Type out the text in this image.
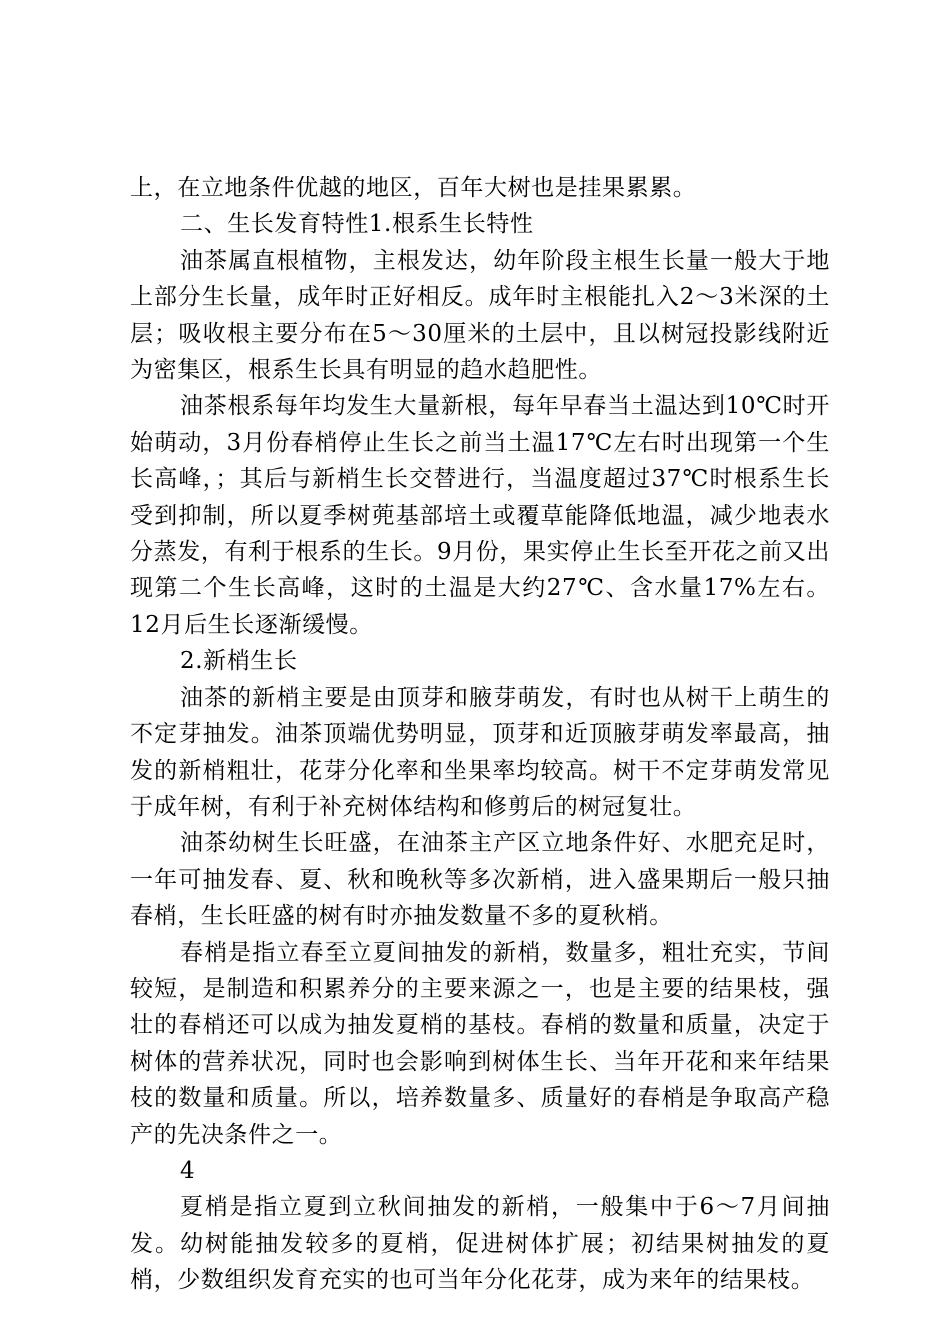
上，在立地条件优越的地区，百年大树也是挂果累累。

二、生长发育特性1.根系生长特性

油茶属直根植物，主根发达，幼年阶段主根生长量一般大于地上部分生长量，成年时正好相反。成年时主根能扎入2～3米深的土层；吸收根主要分布在5～30厘米的土层中，且以树冠投影线附近为密集区，根系生长具有明显的趋水趋肥性。

油茶根系每年均发生大量新根，每年早春当土温达到10℃时开始萌动，3月份春梢停止生长之前当土温17℃左右时出现第一个生长高峰，；其后与新梢生长交替进行，当温度超过37℃时根系生长受到抑制，所以夏季树蔸基部培土或覆草能降低地温，减少地表水分蒸发，有利于根系的生长。9月份，果实停止生长至开花之前又出现第二个生长高峰，这时的土温是大约27℃、含水量17%左右。12月后生长逐渐缓慢。

2.新梢生长

油茶的新梢主要是由顶芽和腋芽萌发，有时也从树干上萌生的不定芽抽发。油茶顶端优势明显，顶芽和近顶腋芽萌发率最高，抽发的新梢粗壮，花芽分化率和坐果率均较高。树干不定芽萌发常见于成年树，有利于补充树体结构和修剪后的树冠复壮。

油茶幼树生长旺盛，在油茶主产区立地条件好、水肥充足时，一年可抽发春、夏、秋和晚秋等多次新梢，进入盛果期后一般只抽春梢，生长旺盛的树有时亦抽发数量不多的夏秋梢。

春梢是指立春至立夏间抽发的新梢，数量多，粗壮充实，节间较短，是制造和积累养分的主要来源之一，也是主要的结果枝，强壮的春梢还可以成为抽发夏梢的基枝。春梢的数量和质量，决定于树体的营养状况，同时也会影响到树体生长、当年开花和来年结果枝的数量和质量。所以，培养数量多、质量好的春梢是争取高产稳产的先决条件之一。

4

夏梢是指立夏到立秋间抽发的新梢，一般集中于6～7月间抽发。幼树能抽发较多的夏梢，促进树体扩展；初结果树抽发的夏梢，少数组织发育充实的也可当年分化花芽，成为来年的结果枝。
